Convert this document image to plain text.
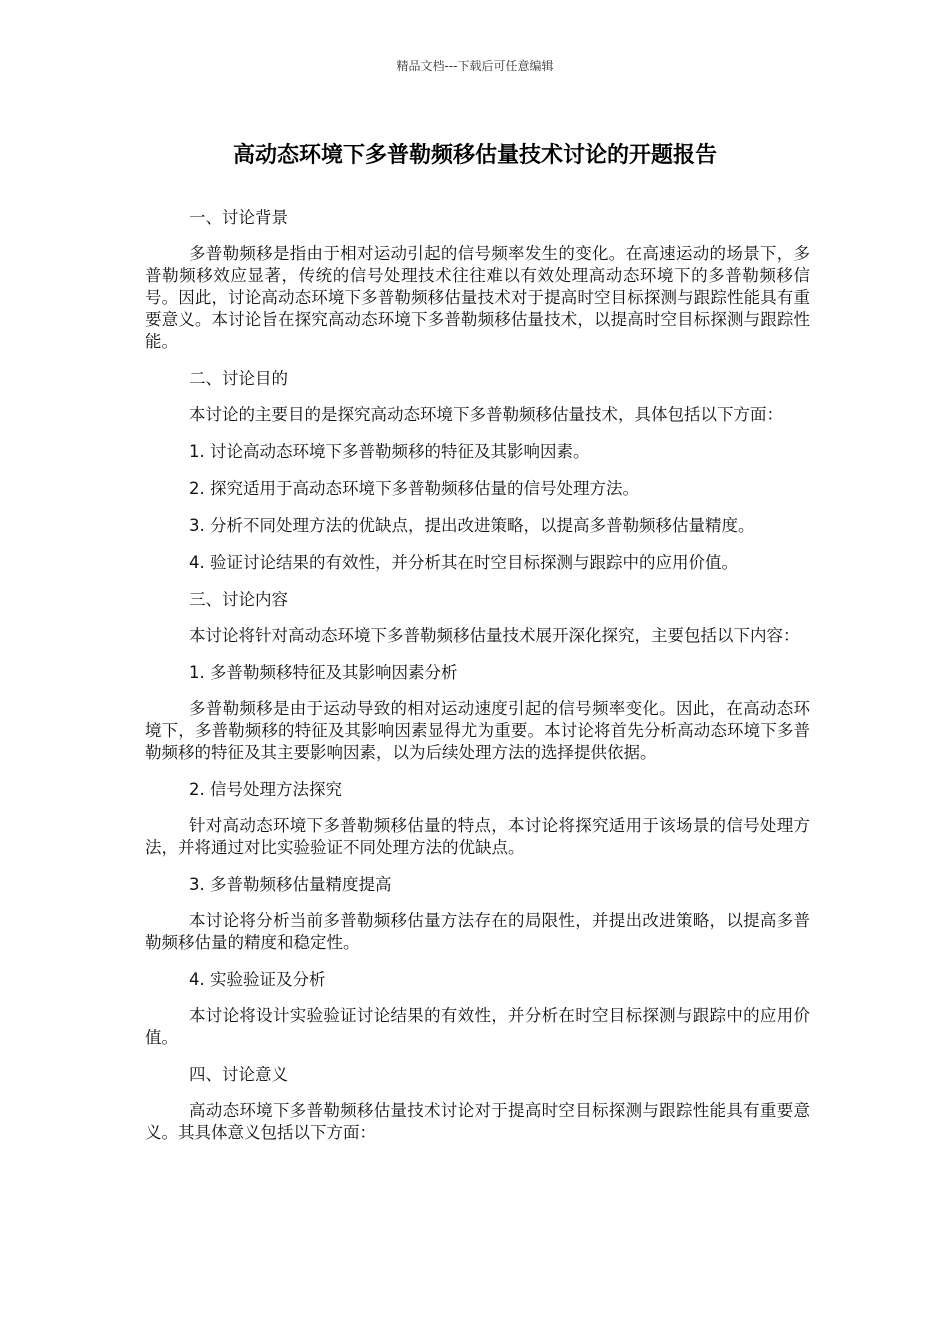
精品文档---下载后可任意编辑
高动态环境下多普勒频移估量技术讨论的开题报告

一、讨论背景

多普勒频移是指由于相对运动引起的信号频率发生的变化。在高速运动的场景下，多普勒频移效应显著，传统的信号处理技术往往难以有效处理高动态环境下的多普勒频移信号。因此，讨论高动态环境下多普勒频移估量技术对于提高时空目标探测与跟踪性能具有重要意义。本讨论旨在探究高动态环境下多普勒频移估量技术，以提高时空目标探测与跟踪性能。

二、讨论目的

本讨论的主要目的是探究高动态环境下多普勒频移估量技术，具体包括以下方面：

1. 讨论高动态环境下多普勒频移的特征及其影响因素。

2. 探究适用于高动态环境下多普勒频移估量的信号处理方法。

3. 分析不同处理方法的优缺点，提出改进策略，以提高多普勒频移估量精度。

4. 验证讨论结果的有效性，并分析其在时空目标探测与跟踪中的应用价值。

三、讨论内容

本讨论将针对高动态环境下多普勒频移估量技术展开深化探究，主要包括以下内容：

1. 多普勒频移特征及其影响因素分析

多普勒频移是由于运动导致的相对运动速度引起的信号频率变化。因此，在高动态环境下，多普勒频移的特征及其影响因素显得尤为重要。本讨论将首先分析高动态环境下多普勒频移的特征及其主要影响因素，以为后续处理方法的选择提供依据。

2. 信号处理方法探究

针对高动态环境下多普勒频移估量的特点，本讨论将探究适用于该场景的信号处理方法，并将通过对比实验验证不同处理方法的优缺点。

3. 多普勒频移估量精度提高

本讨论将分析当前多普勒频移估量方法存在的局限性，并提出改进策略，以提高多普勒频移估量的精度和稳定性。

4. 实验验证及分析

本讨论将设计实验验证讨论结果的有效性，并分析在时空目标探测与跟踪中的应用价值。

四、讨论意义

高动态环境下多普勒频移估量技术讨论对于提高时空目标探测与跟踪性能具有重要意义。其具体意义包括以下方面：
